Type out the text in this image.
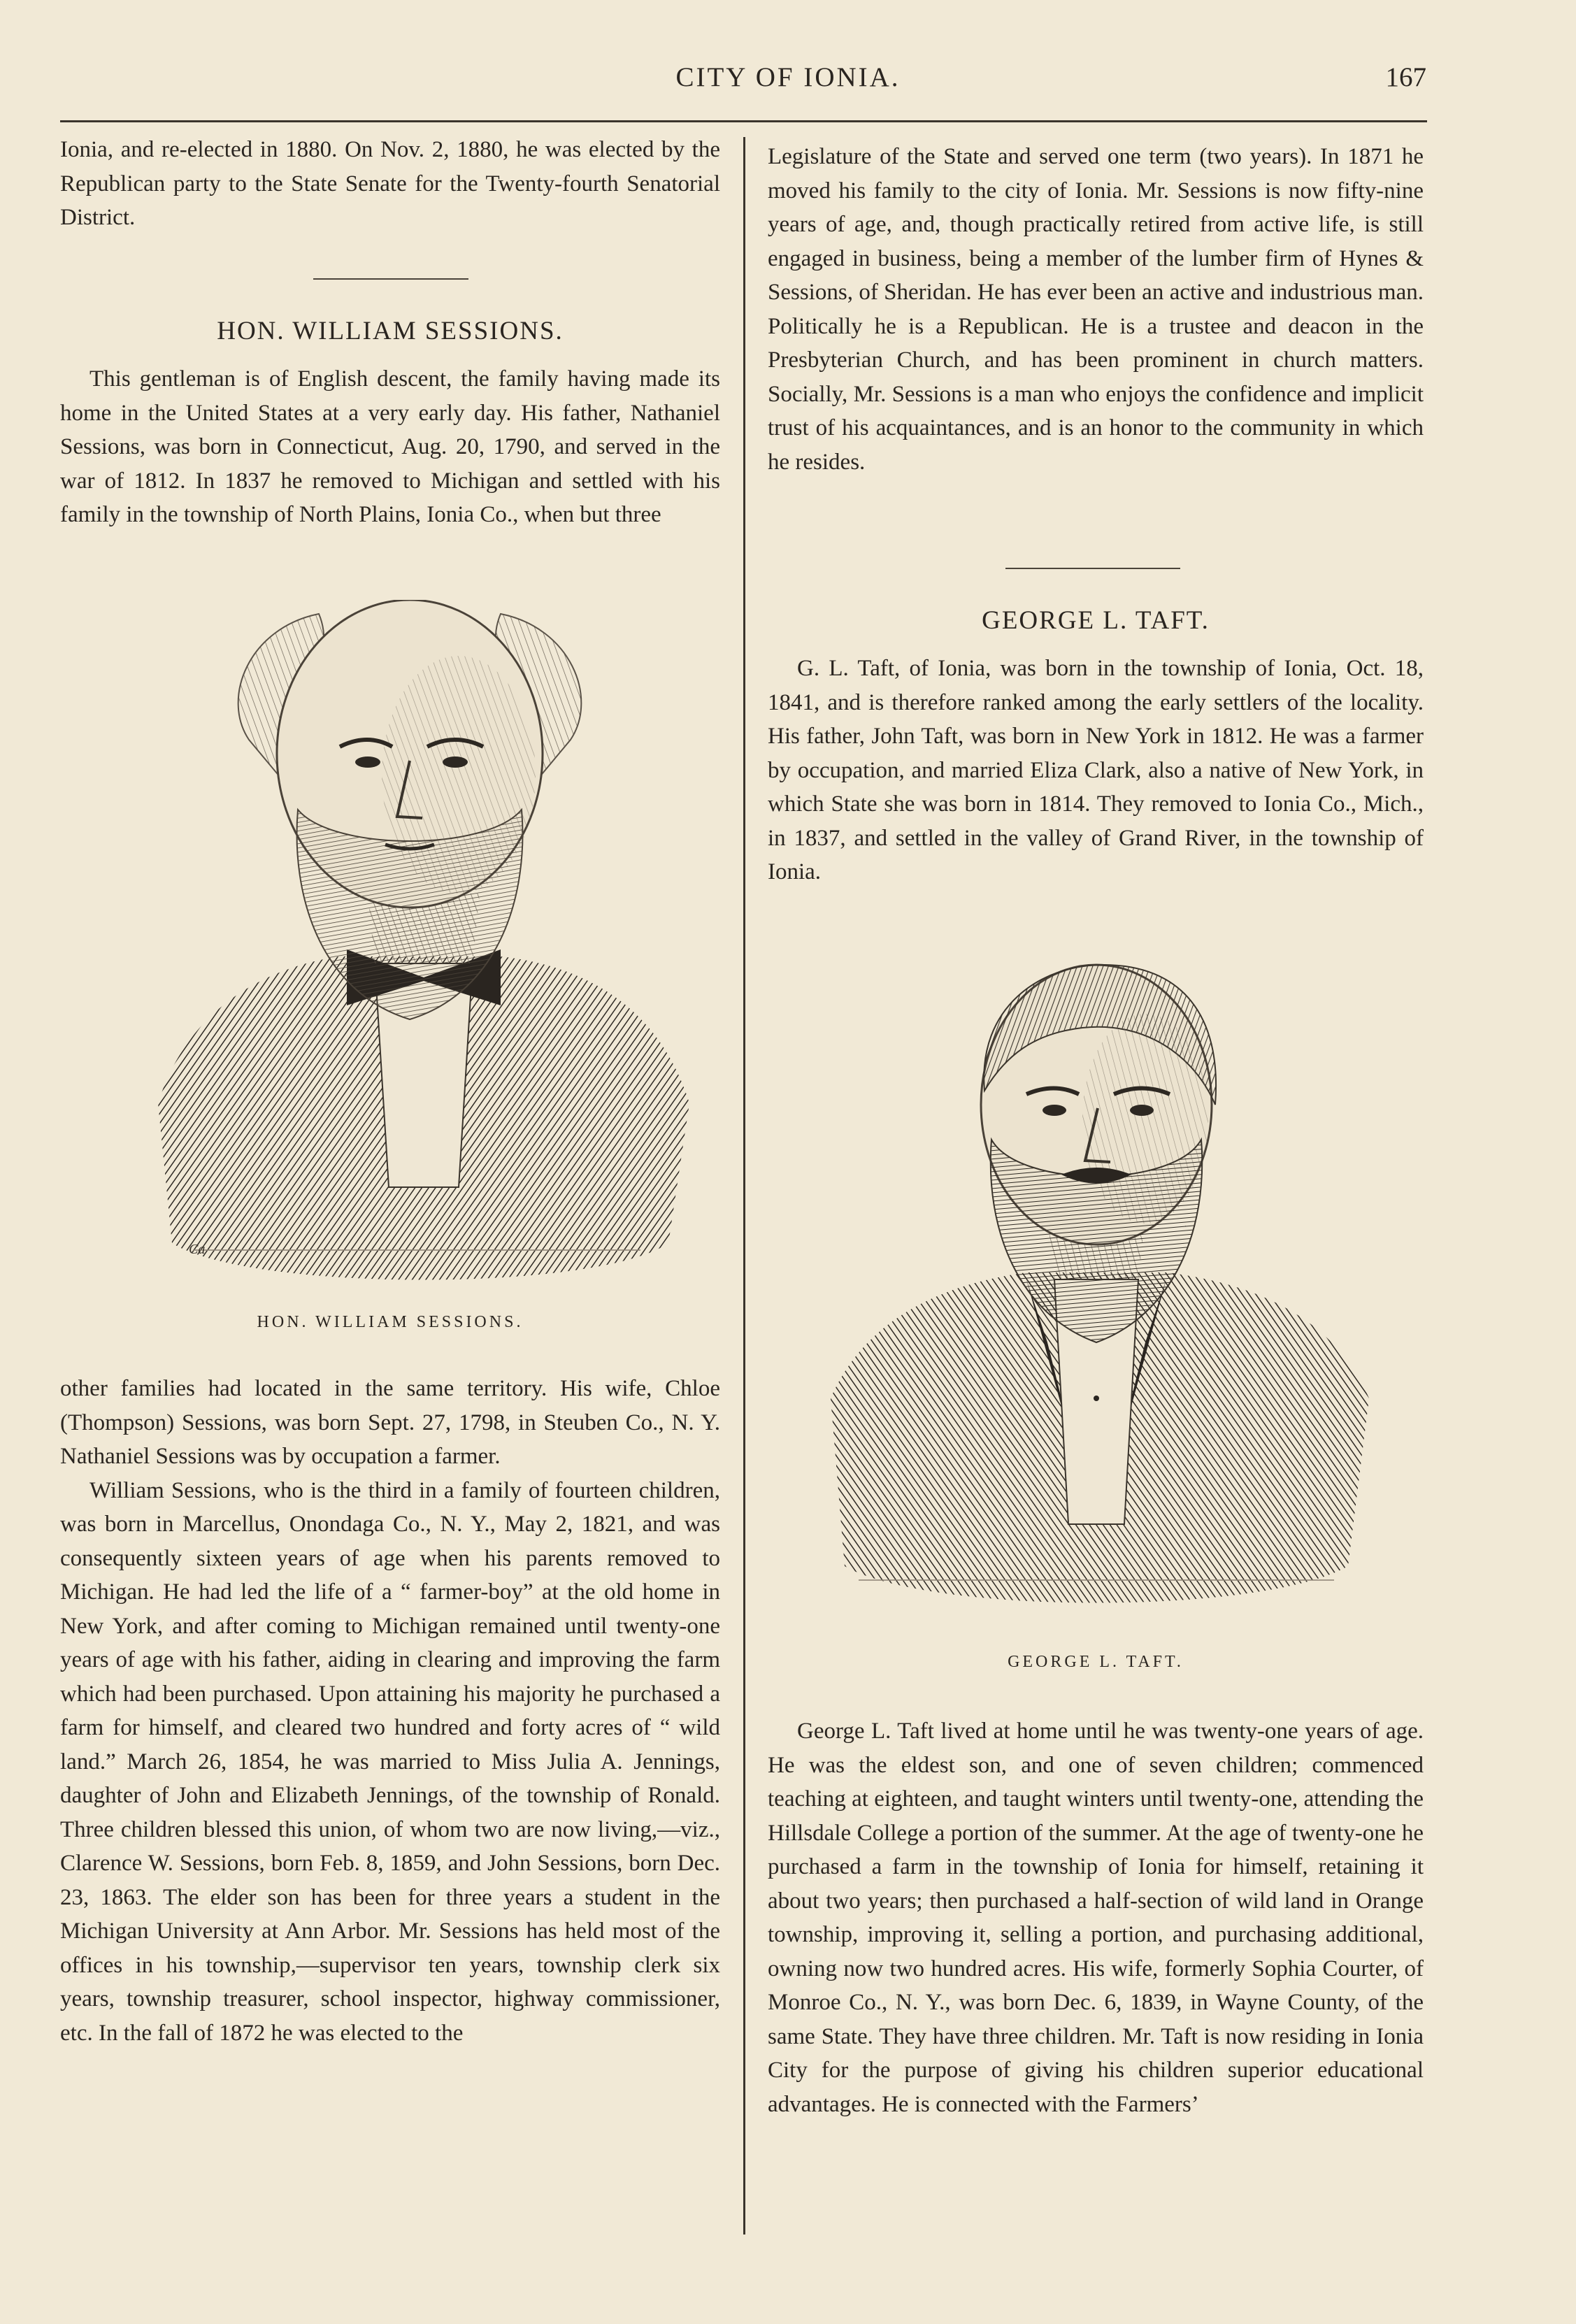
CITY OF IONIA.	167

Ionia, and re-elected in 1880. On Nov. 2, 1880, he was elected by the Republican party to the State Senate for the Twenty-fourth Senatorial District.

HON. WILLIAM SESSIONS.

This gentleman is of English descent, the family having made its home in the United States at a very early day. His father, Nathaniel Sessions, was born in Connecticut, Aug. 20, 1790, and served in the war of 1812. In 1837 he removed to Michigan and settled with his family in the township of North Plains, Ionia Co., when but three

Ca
HON. WILLIAM SESSIONS.

other families had located in the same territory. His wife, Chloe (Thompson) Sessions, was born Sept. 27, 1798, in Steuben Co., N. Y. Nathaniel Sessions was by occupation a farmer.

William Sessions, who is the third in a family of fourteen children, was born in Marcellus, Onondaga Co., N. Y., May 2, 1821, and was consequently sixteen years of age when his parents removed to Michigan. He had led the life of a “ farmer-boy” at the old home in New York, and after coming to Michigan remained until twenty-one years of age with his father, aiding in clearing and improving the farm which had been purchased. Upon attaining his majority he purchased a farm for himself, and cleared two hundred and forty acres of “ wild land.” March 26, 1854, he was married to Miss Julia A. Jennings, daughter of John and Elizabeth Jennings, of the township of Ronald. Three children blessed this union, of whom two are now living,—viz., Clarence W. Sessions, born Feb. 8, 1859, and John Sessions, born Dec. 23, 1863. The elder son has been for three years a student in the Michigan University at Ann Arbor. Mr. Sessions has held most of the offices in his township,—supervisor ten years, township clerk six years, township treasurer, school inspector, highway commissioner, etc. In the fall of 1872 he was elected to the

Legislature of the State and served one term (two years). In 1871 he moved his family to the city of Ionia. Mr. Sessions is now fifty-nine years of age, and, though practically retired from active life, is still engaged in business, being a member of the lumber firm of Hynes & Sessions, of Sheridan. He has ever been an active and industrious man. Politically he is a Republican. He is a trustee and deacon in the Presbyterian Church, and has been prominent in church matters. Socially, Mr. Sessions is a man who enjoys the confidence and implicit trust of his acquaintances, and is an honor to the community in which he resides.

GEORGE L. TAFT.

G. L. Taft, of Ionia, was born in the township of Ionia, Oct. 18, 1841, and is therefore ranked among the early settlers of the locality. His father, John Taft, was born in New York in 1812. He was a farmer by occupation, and married Eliza Clark, also a native of New York, in which State she was born in 1814. They removed to Ionia Co., Mich., in 1837, and settled in the valley of Grand River, in the township of Ionia.

GEORGE L. TAFT.

George L. Taft lived at home until he was twenty-one years of age. He was the eldest son, and one of seven children; commenced teaching at eighteen, and taught winters until twenty-one, attending the Hillsdale College a portion of the summer. At the age of twenty-one he purchased a farm in the township of Ionia for himself, retaining it about two years; then purchased a half-section of wild land in Orange township, improving it, selling a portion, and purchasing additional, owning now two hundred acres. His wife, formerly Sophia Courter, of Monroe Co., N. Y., was born Dec. 6, 1839, in Wayne County, of the same State. They have three children. Mr. Taft is now residing in Ionia City for the purpose of giving his children superior educational advantages. He is connected with the Farmers’
